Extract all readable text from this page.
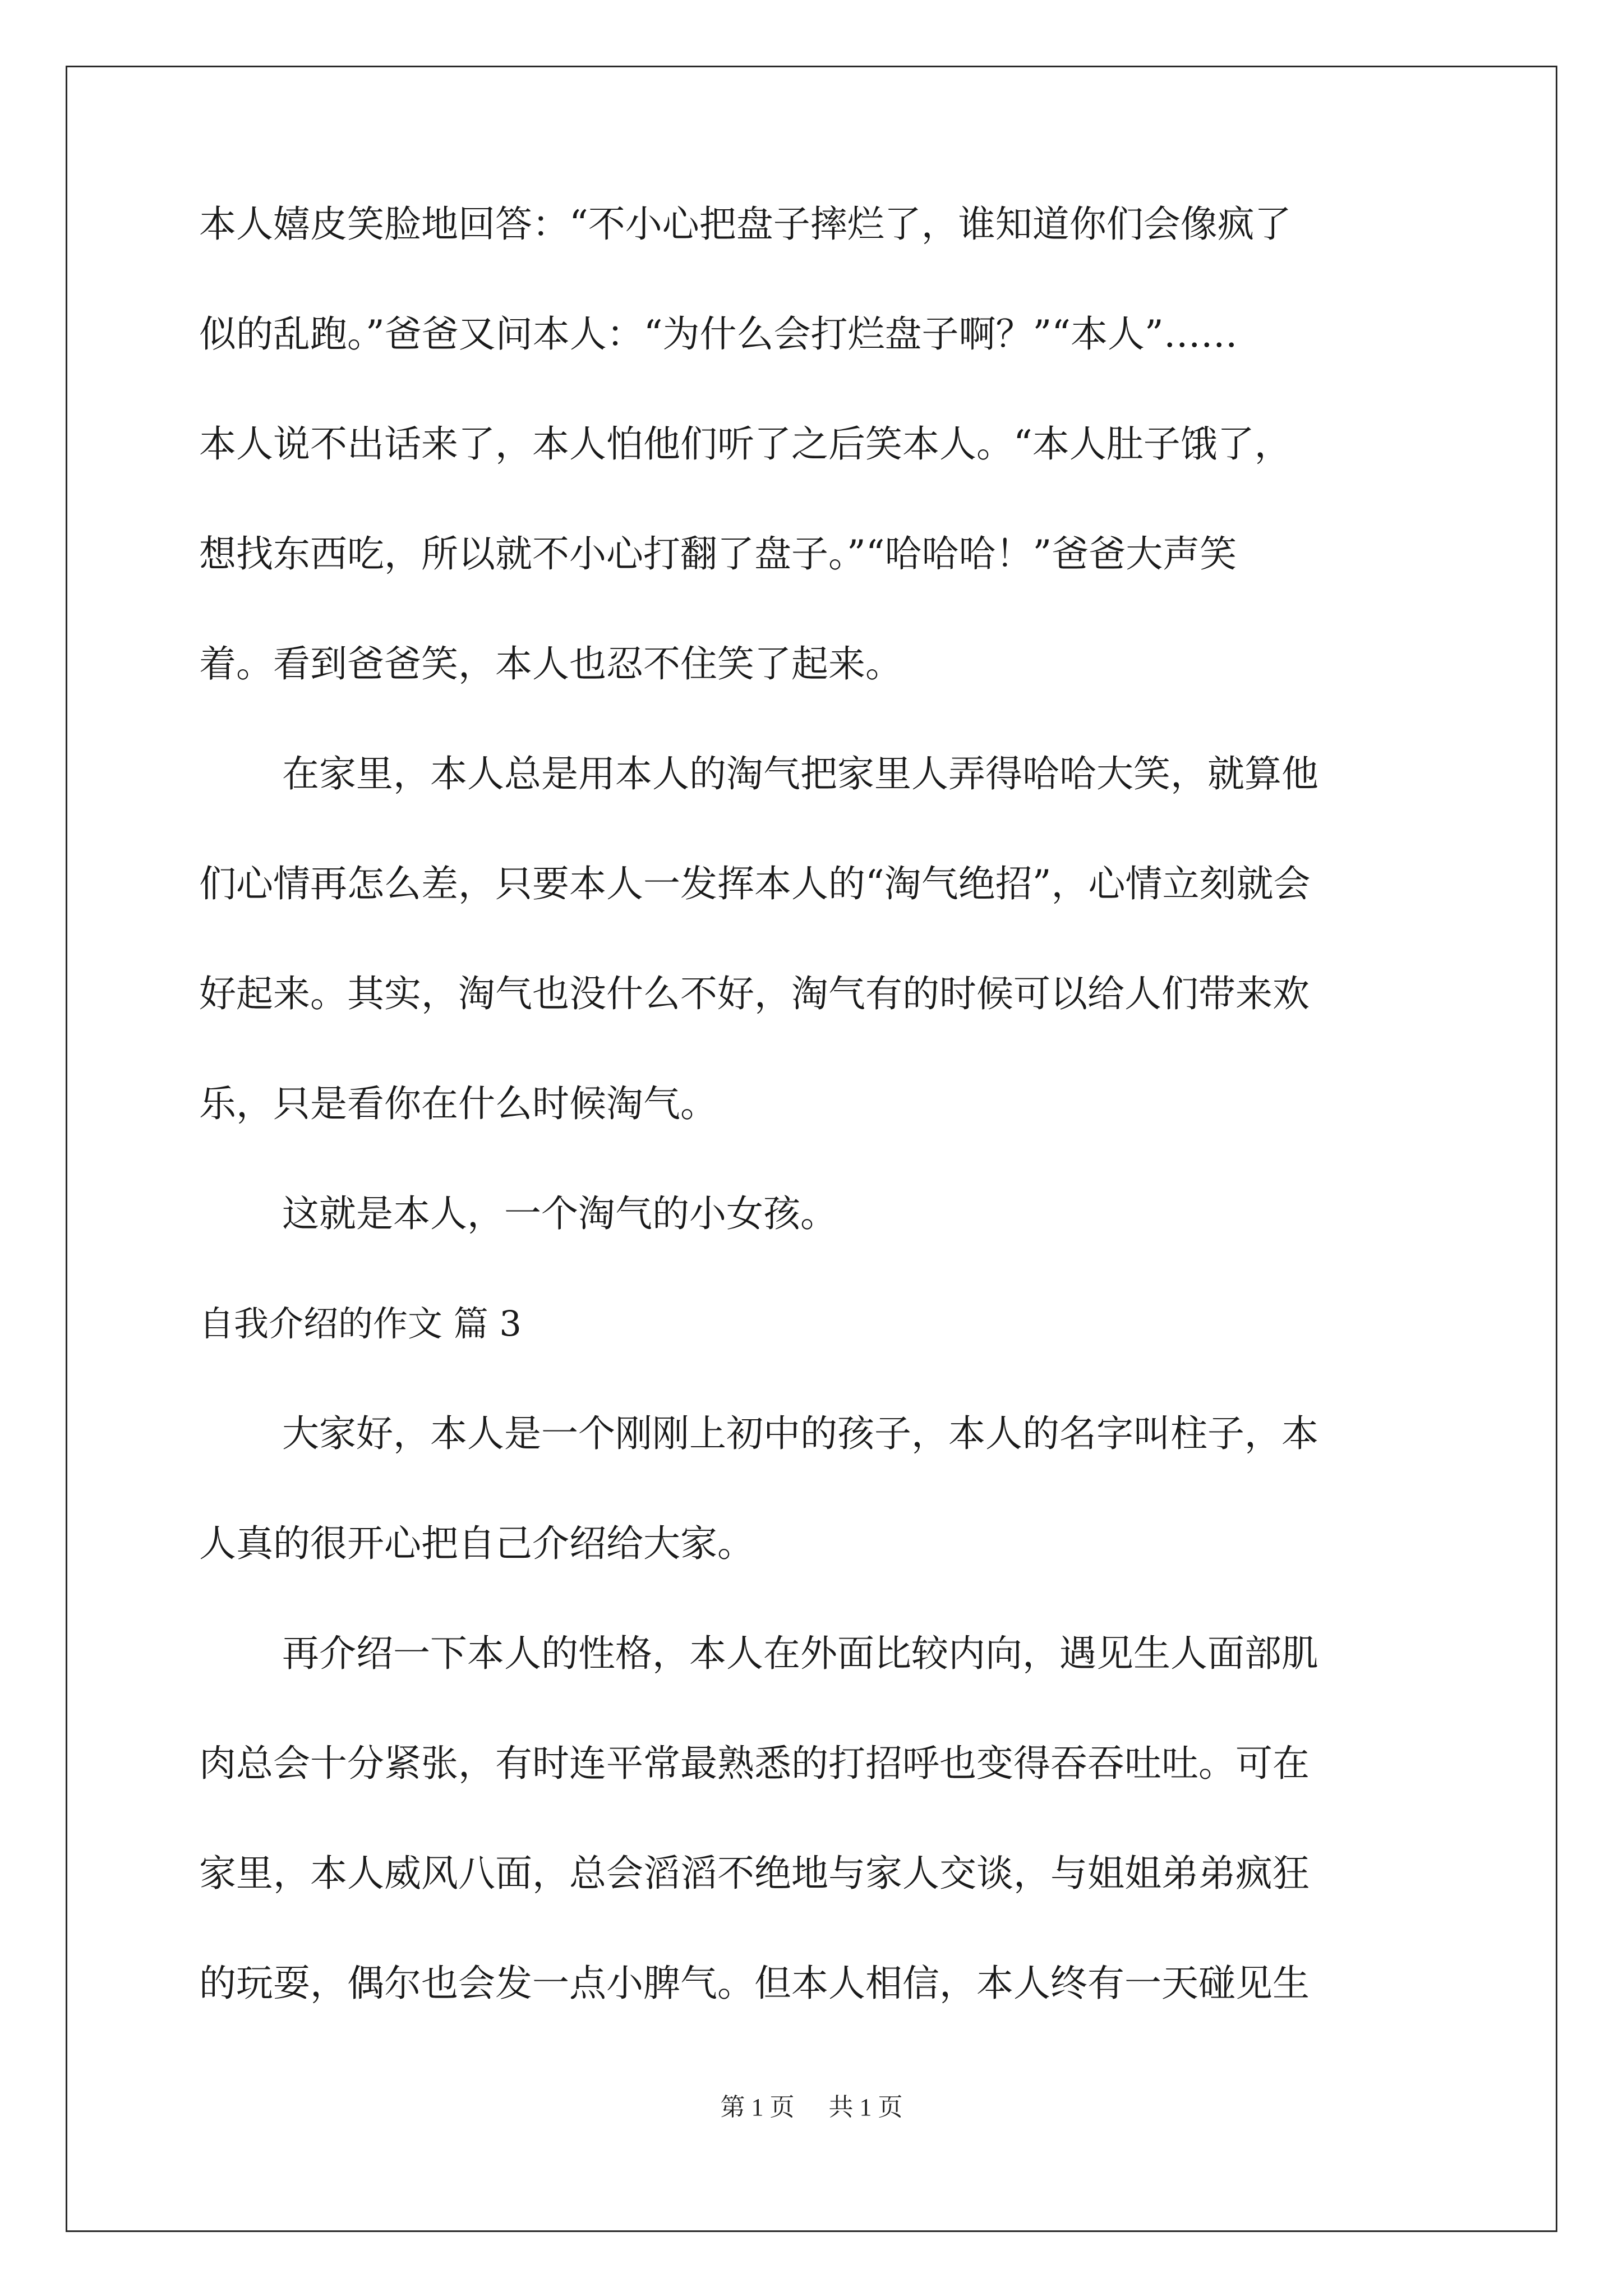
本人嬉皮笑脸地回答：“不小心把盘子摔烂了，谁知道你们会像疯了
似的乱跑。”爸爸又问本人：“为什么会打烂盘子啊？”“本人”……
本人说不出话来了，本人怕他们听了之后笑本人。“本人肚子饿了，
想找东西吃，所以就不小心打翻了盘子。”“哈哈哈！”爸爸大声笑
着。看到爸爸笑，本人也忍不住笑了起来。
在家里，本人总是用本人的淘气把家里人弄得哈哈大笑，就算他
们心情再怎么差，只要本人一发挥本人的“淘气绝招”，心情立刻就会
好起来。其实，淘气也没什么不好，淘气有的时候可以给人们带来欢
乐，只是看你在什么时候淘气。
这就是本人，一个淘气的小女孩。
自我介绍的作文 篇 3
大家好，本人是一个刚刚上初中的孩子，本人的名字叫柱子，本
人真的很开心把自己介绍给大家。
再介绍一下本人的性格，本人在外面比较内向，遇见生人面部肌
肉总会十分紧张，有时连平常最熟悉的打招呼也变得吞吞吐吐。可在
家里，本人威风八面，总会滔滔不绝地与家人交谈，与姐姐弟弟疯狂
的玩耍，偶尔也会发一点小脾气。但本人相信，本人终有一天碰见生
第 1 页 共 1 页
